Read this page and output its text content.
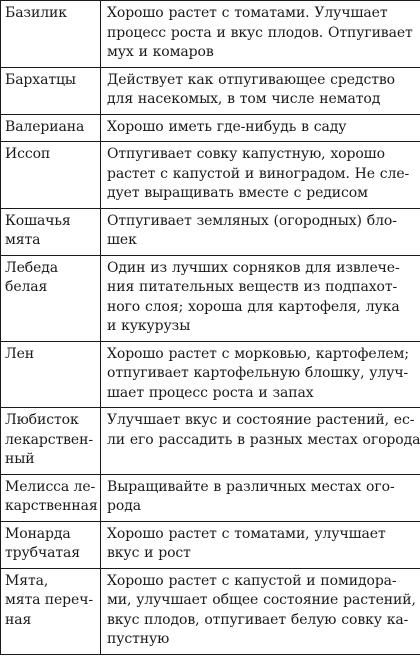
Базилик	Хорошо растет с томатами. Улучшает
процесс роста и вкус плодов. Отпугивает
мух и комаров

Бархатцы	Действует как отпугивающее средство
для насекомых, в том числе нематод

Валериана	Хорошо иметь где-нибудь в саду

Иссоп	Отпугивает совку капустную, хорошо
растет с капустой и виноградом. Не сле-
дует выращивать вместе с редисом

Кошачья
мята	Отпугивает земляных (огородных) бло-
шек

Лебеда
белая	Один из лучших сорняков для извлече-
ния питательных веществ из подпахот-
ного слоя; хороша для картофеля, лука
и кукурузы

Лен	Хорошо растет с морковью, картофелем;
отпугивает картофельную блошку, улуч-
шает процесс роста и запах

Любисток
лекарствен-
ный	Улучшает вкус и состояние растений, ес-
ли его рассадить в разных местах огорода

Мелисса ле-
карственная	Выращивайте в различных местах ого-
рода

Монарда
трубчатая	Хорошо растет с томатами, улучшает
вкус и рост

Мята,
мята переч-
ная	Хорошо растет с капустой и помидора-
ми, улучшает общее состояние растений,
вкус плодов, отпугивает белую совку ка-
пустную
